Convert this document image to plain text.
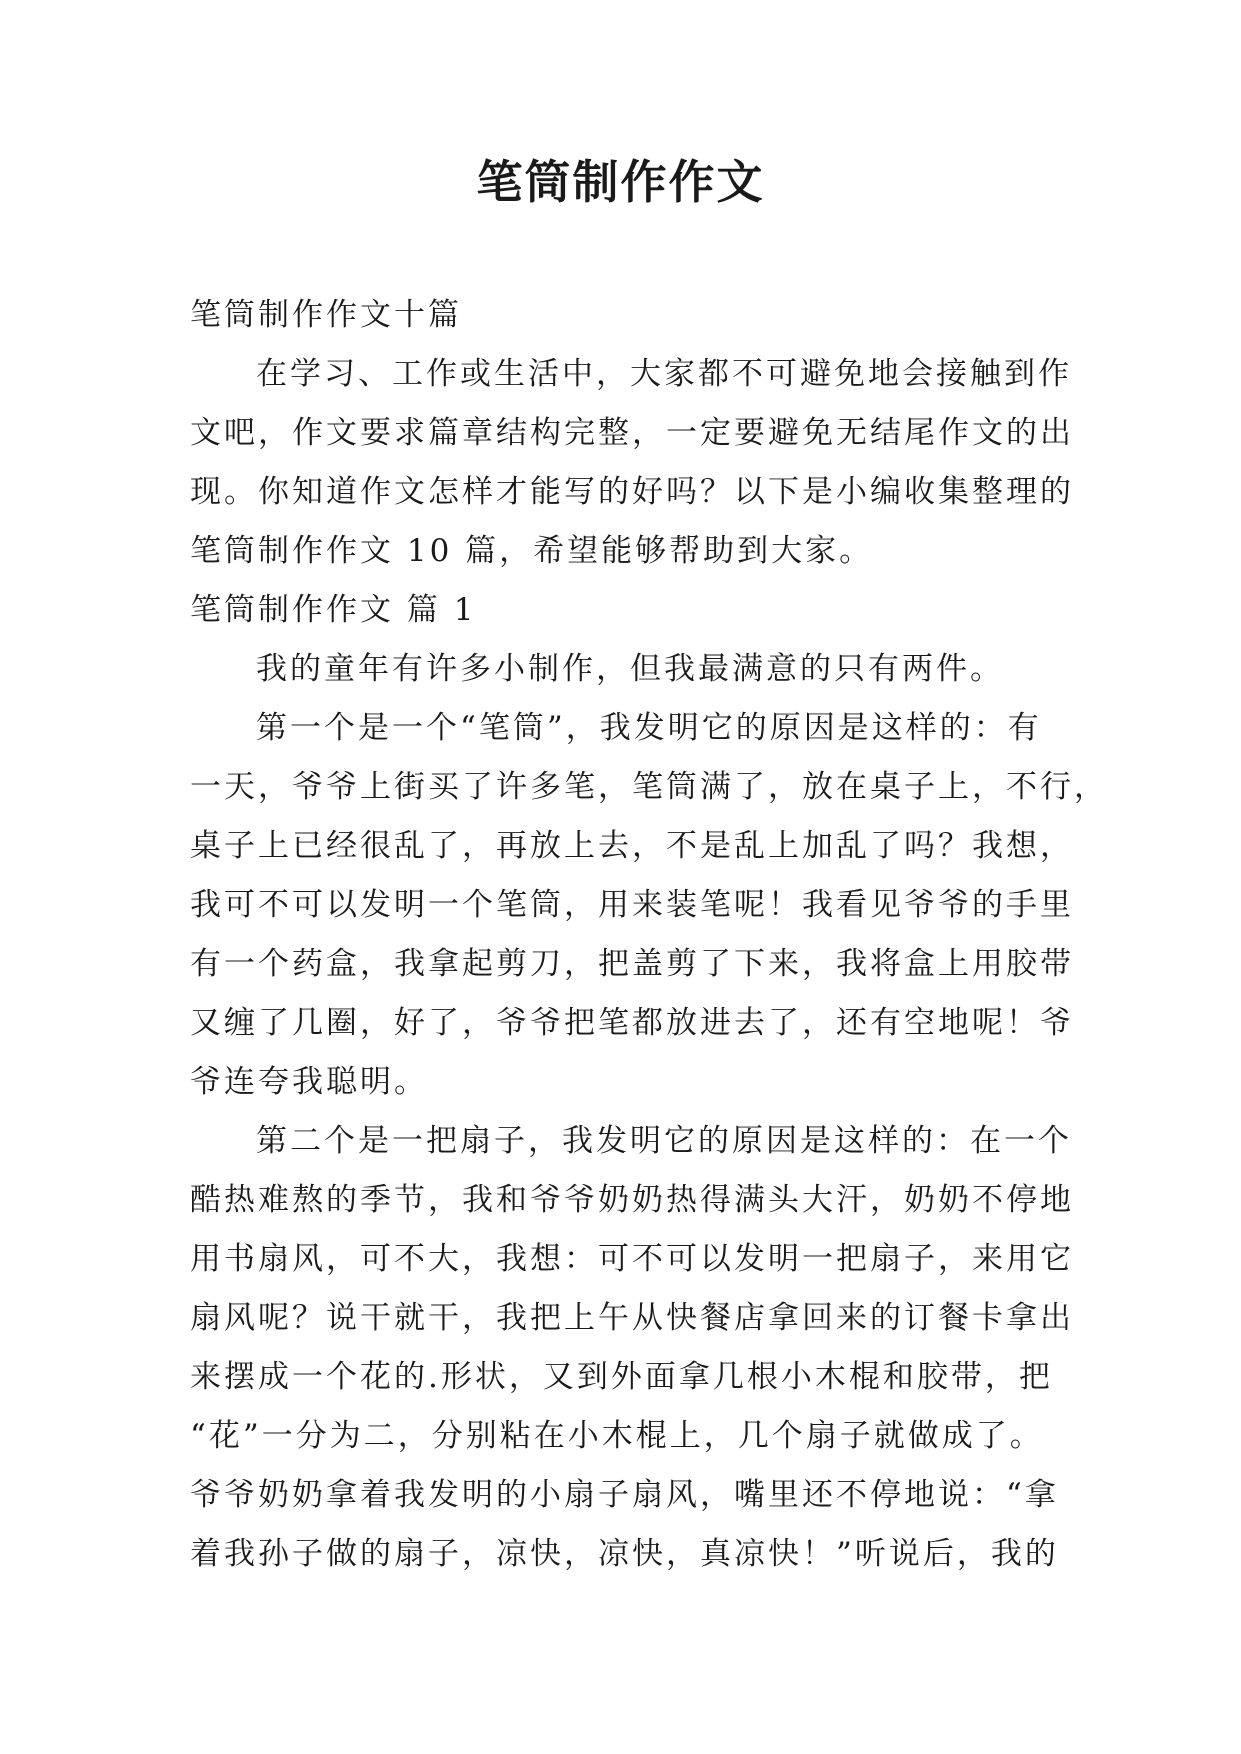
笔筒制作作文
笔筒制作作文十篇
在学习、工作或生活中，大家都不可避免地会接触到作
文吧，作文要求篇章结构完整，一定要避免无结尾作文的出
现。你知道作文怎样才能写的好吗？以下是小编收集整理的
笔筒制作作文 10 篇，希望能够帮助到大家。
笔筒制作作文 篇 1
我的童年有许多小制作，但我最满意的只有两件。
第一个是一个“笔筒”，我发明它的原因是这样的：有
一天，爷爷上街买了许多笔，笔筒满了，放在桌子上，不行，
桌子上已经很乱了，再放上去，不是乱上加乱了吗？我想，
我可不可以发明一个笔筒，用来装笔呢！我看见爷爷的手里
有一个药盒，我拿起剪刀，把盖剪了下来，我将盒上用胶带
又缠了几圈，好了，爷爷把笔都放进去了，还有空地呢！爷
爷连夸我聪明。
第二个是一把扇子，我发明它的原因是这样的：在一个
酷热难熬的季节，我和爷爷奶奶热得满头大汗，奶奶不停地
用书扇风，可不大，我想：可不可以发明一把扇子，来用它
扇风呢？说干就干，我把上午从快餐店拿回来的订餐卡拿出
来摆成一个花的.形状，又到外面拿几根小木棍和胶带，把
“花”一分为二，分别粘在小木棍上，几个扇子就做成了。
爷爷奶奶拿着我发明的小扇子扇风，嘴里还不停地说：“拿
着我孙子做的扇子，凉快，凉快，真凉快！”听说后，我的
